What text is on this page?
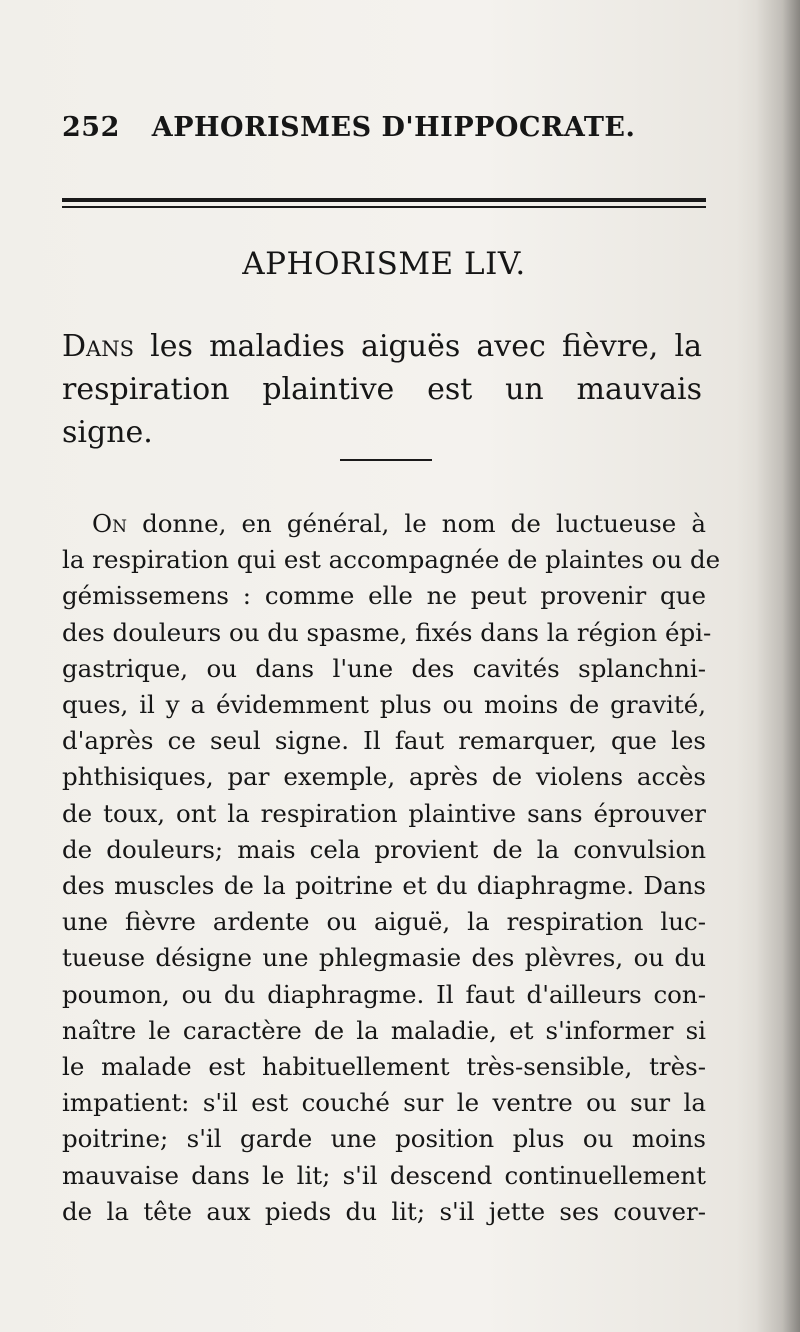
252 APHORISMES D'HIPPOCRATE.
APHORISME LIV.
Dans les maladies aiguës avec fièvre, la respiration plaintive est un mauvais signe.
On donne, en général, le nom de luctueuse à
la respiration qui est accompagnée de plaintes ou de
gémissemens : comme elle ne peut provenir que
des douleurs ou du spasme, fixés dans la région épi-
gastrique, ou dans l'une des cavités splanchni-
ques, il y a évidemment plus ou moins de gravité,
d'après ce seul signe. Il faut remarquer, que les
phthisiques, par exemple, après de violens accès
de toux, ont la respiration plaintive sans éprouver
de douleurs; mais cela provient de la convulsion
des muscles de la poitrine et du diaphragme. Dans
une fièvre ardente ou aiguë, la respiration luc-
tueuse désigne une phlegmasie des plèvres, ou du
poumon, ou du diaphragme. Il faut d'ailleurs con-
naître le caractère de la maladie, et s'informer si
le malade est habituellement très-sensible, très-
impatient: s'il est couché sur le ventre ou sur la
poitrine; s'il garde une position plus ou moins
mauvaise dans le lit; s'il descend continuellement
de la tête aux pieds du lit; s'il jette ses couver-
